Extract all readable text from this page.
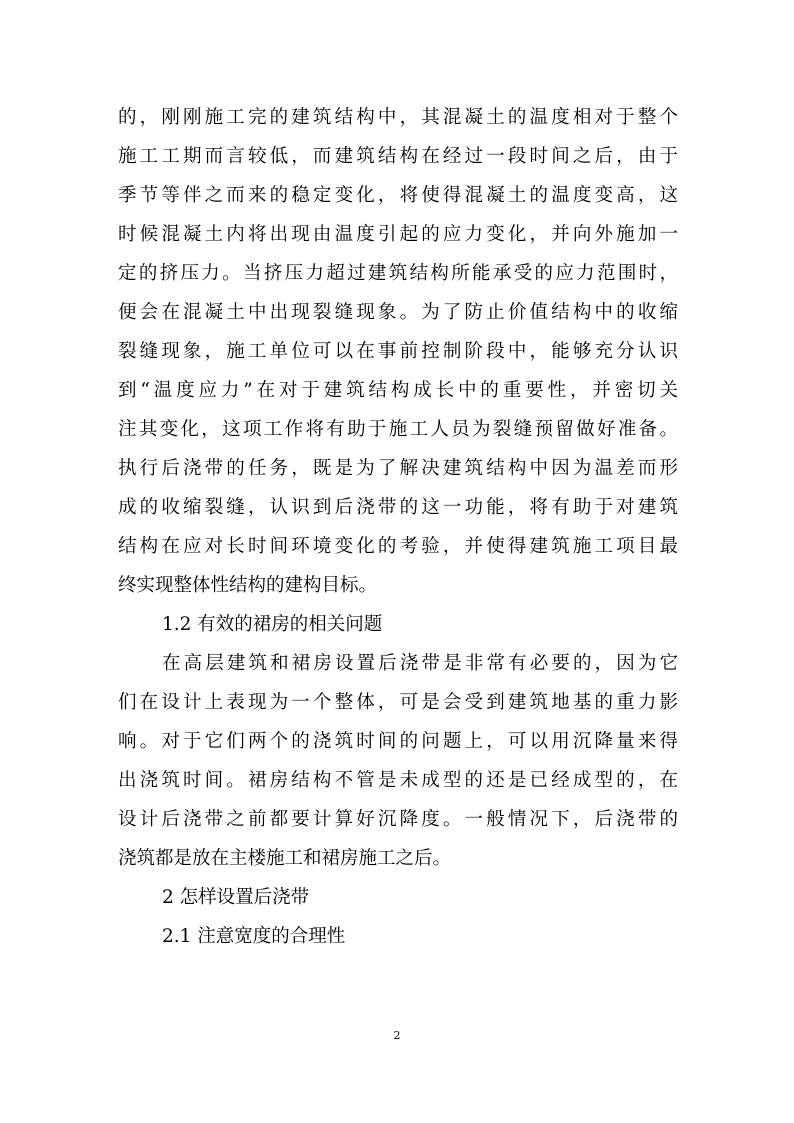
的，刚刚施工完的建筑结构中，其混凝土的温度相对于整个
施工工期而言较低，而建筑结构在经过一段时间之后，由于
季节等伴之而来的稳定变化，将使得混凝土的温度变高，这
时候混凝土内将出现由温度引起的应力变化，并向外施加一
定的挤压力。当挤压力超过建筑结构所能承受的应力范围时，
便会在混凝土中出现裂缝现象。为了防止价值结构中的收缩
裂缝现象，施工单位可以在事前控制阶段中，能够充分认识
到“温度应力”在对于建筑结构成长中的重要性，并密切关
注其变化，这项工作将有助于施工人员为裂缝预留做好准备。
执行后浇带的任务，既是为了解决建筑结构中因为温差而形
成的收缩裂缝，认识到后浇带的这一功能，将有助于对建筑
结构在应对长时间环境变化的考验，并使得建筑施工项目最
终实现整体性结构的建构目标。
1.2 有效的裙房的相关问题
在高层建筑和裙房设置后浇带是非常有必要的，因为它
们在设计上表现为一个整体，可是会受到建筑地基的重力影
响。对于它们两个的浇筑时间的问题上，可以用沉降量来得
出浇筑时间。裙房结构不管是未成型的还是已经成型的，在
设计后浇带之前都要计算好沉降度。一般情况下，后浇带的
浇筑都是放在主楼施工和裙房施工之后。
2 怎样设置后浇带
2.1 注意宽度的合理性
2
